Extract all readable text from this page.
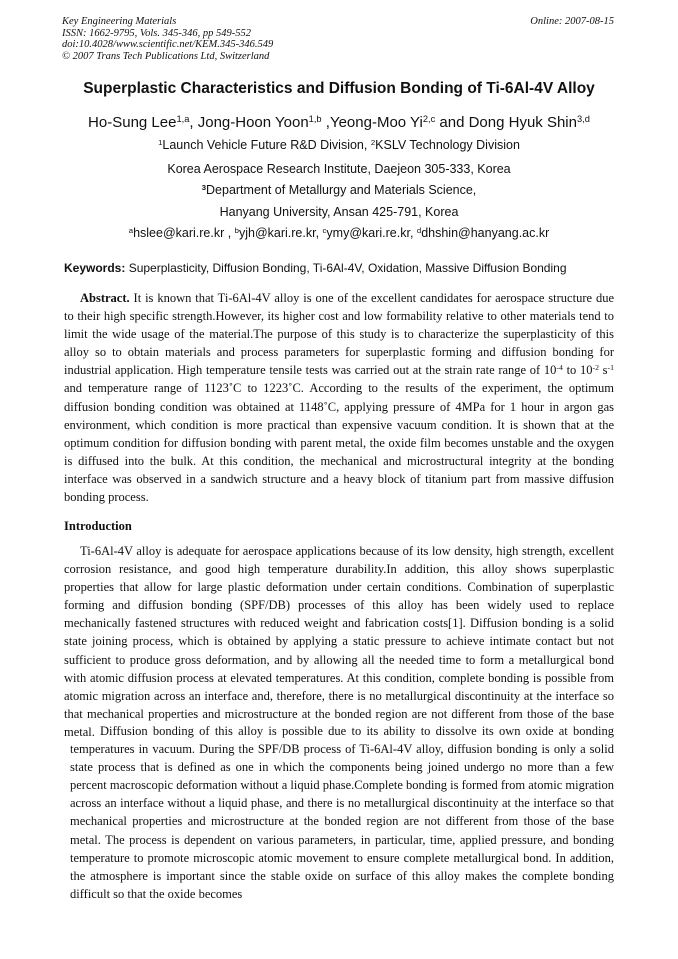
Key Engineering Materials
ISSN: 1662-9795, Vols. 345-346, pp 549-552
doi:10.4028/www.scientific.net/KEM.345-346.549
© 2007 Trans Tech Publications Ltd, Switzerland
Online: 2007-08-15
Superplastic Characteristics and Diffusion Bonding of Ti-6Al-4V Alloy
Ho-Sung Lee$^{1,a}$, Jong-Hoon Yoon$^{1,b}$ ,Yeong-Moo Yi$^{2,c}$ and Dong Hyuk Shin$^{3,d}$
$^1$Launch Vehicle Future R&D Division, $^2$KSLV Technology Division
Korea Aerospace Research Institute, Daejeon 305-333, Korea
$^3$Department of Metallurgy and Materials Science,
Hanyang University, Ansan 425-791, Korea
$^a$hslee@kari.re.kr , $^b$yjh@kari.re.kr, $^c$ymy@kari.re.kr, $^d$dhshin@hanyang.ac.kr
Keywords: Superplasticity, Diffusion Bonding, Ti-6Al-4V, Oxidation, Massive Diffusion Bonding
Abstract. It is known that Ti-6Al-4V alloy is one of the excellent candidates for aerospace structure due to their high specific strength.However, its higher cost and low formability relative to other materials tend to limit the wide usage of the material.The purpose of this study is to characterize the superplasticity of this alloy so to obtain materials and process parameters for superplastic forming and diffusion bonding for industrial application. High temperature tensile tests was carried out at the strain rate range of $10^{-4}$ to $10^{-2}$ $s^{-1}$ and temperature range of 1123˚C to 1223˚C. According to the results of the experiment, the optimum diffusion bonding condition was obtained at 1148˚C, applying pressure of 4MPa for 1 hour in argon gas environment, which condition is more practical than expensive vacuum condition. It is shown that at the optimum condition for diffusion bonding with parent metal, the oxide film becomes unstable and the oxygen is diffused into the bulk. At this condition, the mechanical and microstructural integrity at the bonding interface was observed in a sandwich structure and a heavy block of titanium part from massive diffusion bonding process.
Introduction
Ti-6Al-4V alloy is adequate for aerospace applications because of its low density, high strength, excellent corrosion resistance, and good high temperature durability.In addition, this alloy shows superplastic properties that allow for large plastic deformation under certain conditions. Combination of superplastic forming and diffusion bonding (SPF/DB) processes of this alloy has been widely used to replace mechanically fastened structures with reduced weight and fabrication costs[1]. Diffusion bonding is a solid state joining process, which is obtained by applying a static pressure to achieve intimate contact but not sufficient to produce gross deformation, and by allowing all the needed time to form a metallurgical bond with atomic diffusion process at elevated temperatures. At this condition, complete bonding is possible from atomic migration across an interface and, therefore, there is no metallurgical discontinuity at the interface so that mechanical properties and microstructure at the bonded region are not different from those of the base metal. Diffusion bonding of this alloy is possible due to its ability to dissolve its own oxide at bonding temperatures in vacuum. During the SPF/DB process of Ti-6Al-4V alloy, diffusion bonding is only a solid state process that is defined as one in which the components being joined undergo no more than a few percent macroscopic deformation without a liquid phase.Complete bonding is formed from atomic migration across an interface without a liquid phase, and there is no metallurgical discontinuity at the interface so that mechanical properties and microstructure at the bonded region are not different from those of the base metal. The process is dependent on various parameters, in particular, time, applied pressure, and bonding temperature to promote microscopic atomic movement to ensure complete metallurgical bond. In addition, the atmosphere is important since the stable oxide on surface of this alloy makes the complete bonding difficult so that the oxide becomes
